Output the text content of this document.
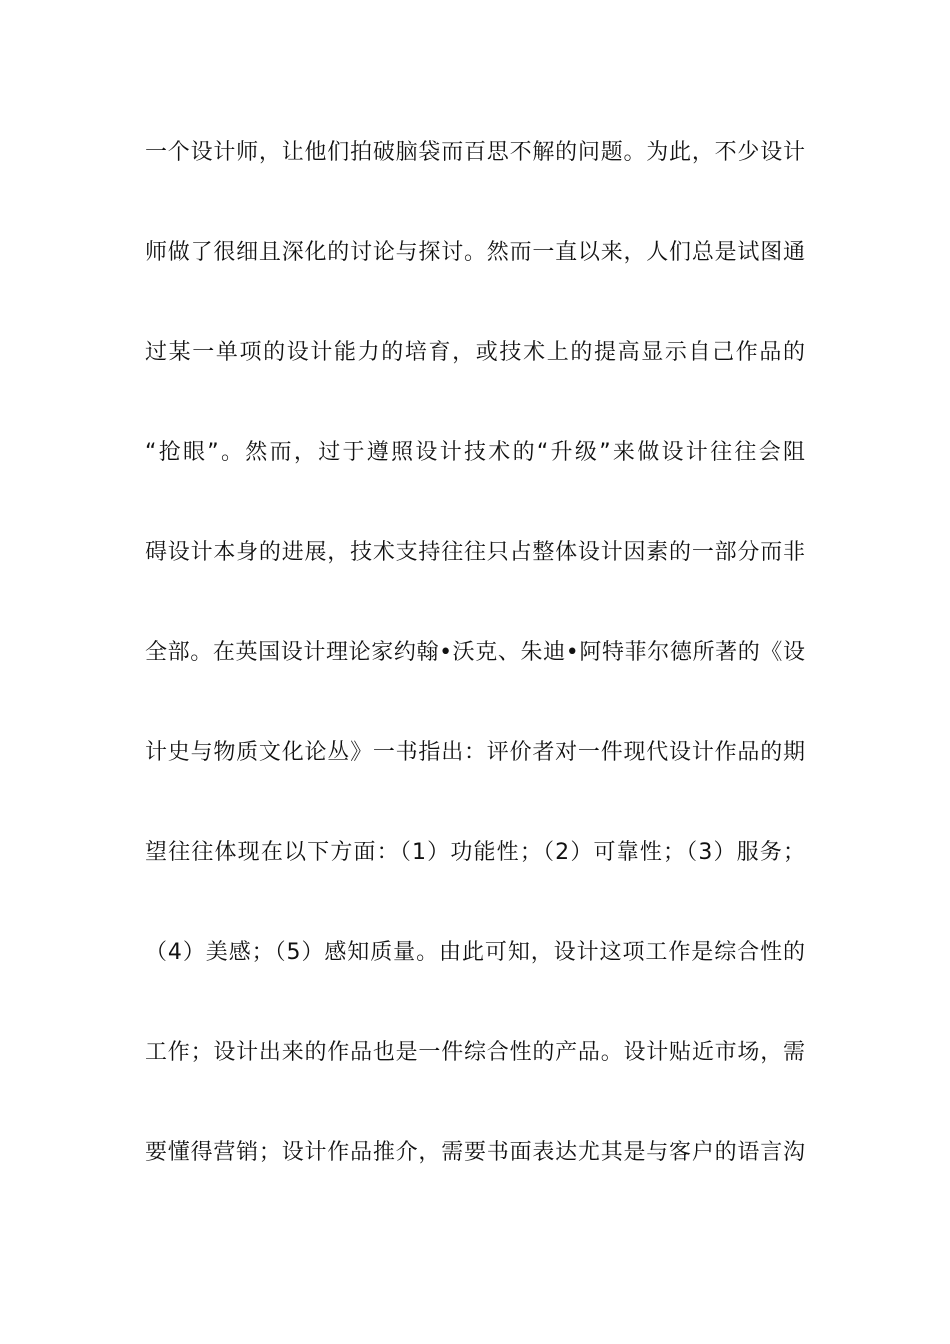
一个设计师，让他们拍破脑袋而百思不解的问题。为此，不少设计
师做了很细且深化的讨论与探讨。然而一直以来，人们总是试图通
过某一单项的设计能力的培育，或技术上的提高显示自己作品的
“抢眼”。然而，过于遵照设计技术的“升级”来做设计往往会阻
碍设计本身的进展，技术支持往往只占整体设计因素的一部分而非
全部。在英国设计理论家约翰•沃克、朱迪•阿特菲尔德所著的《设
计史与物质文化论丛》一书指出：评价者对一件现代设计作品的期
望往往体现在以下方面：（1）功能性；（2）可靠性；（3）服务；
（4）美感；（5）感知质量。由此可知，设计这项工作是综合性的
工作；设计出来的作品也是一件综合性的产品。设计贴近市场，需
要懂得营销；设计作品推介，需要书面表达尤其是与客户的语言沟
